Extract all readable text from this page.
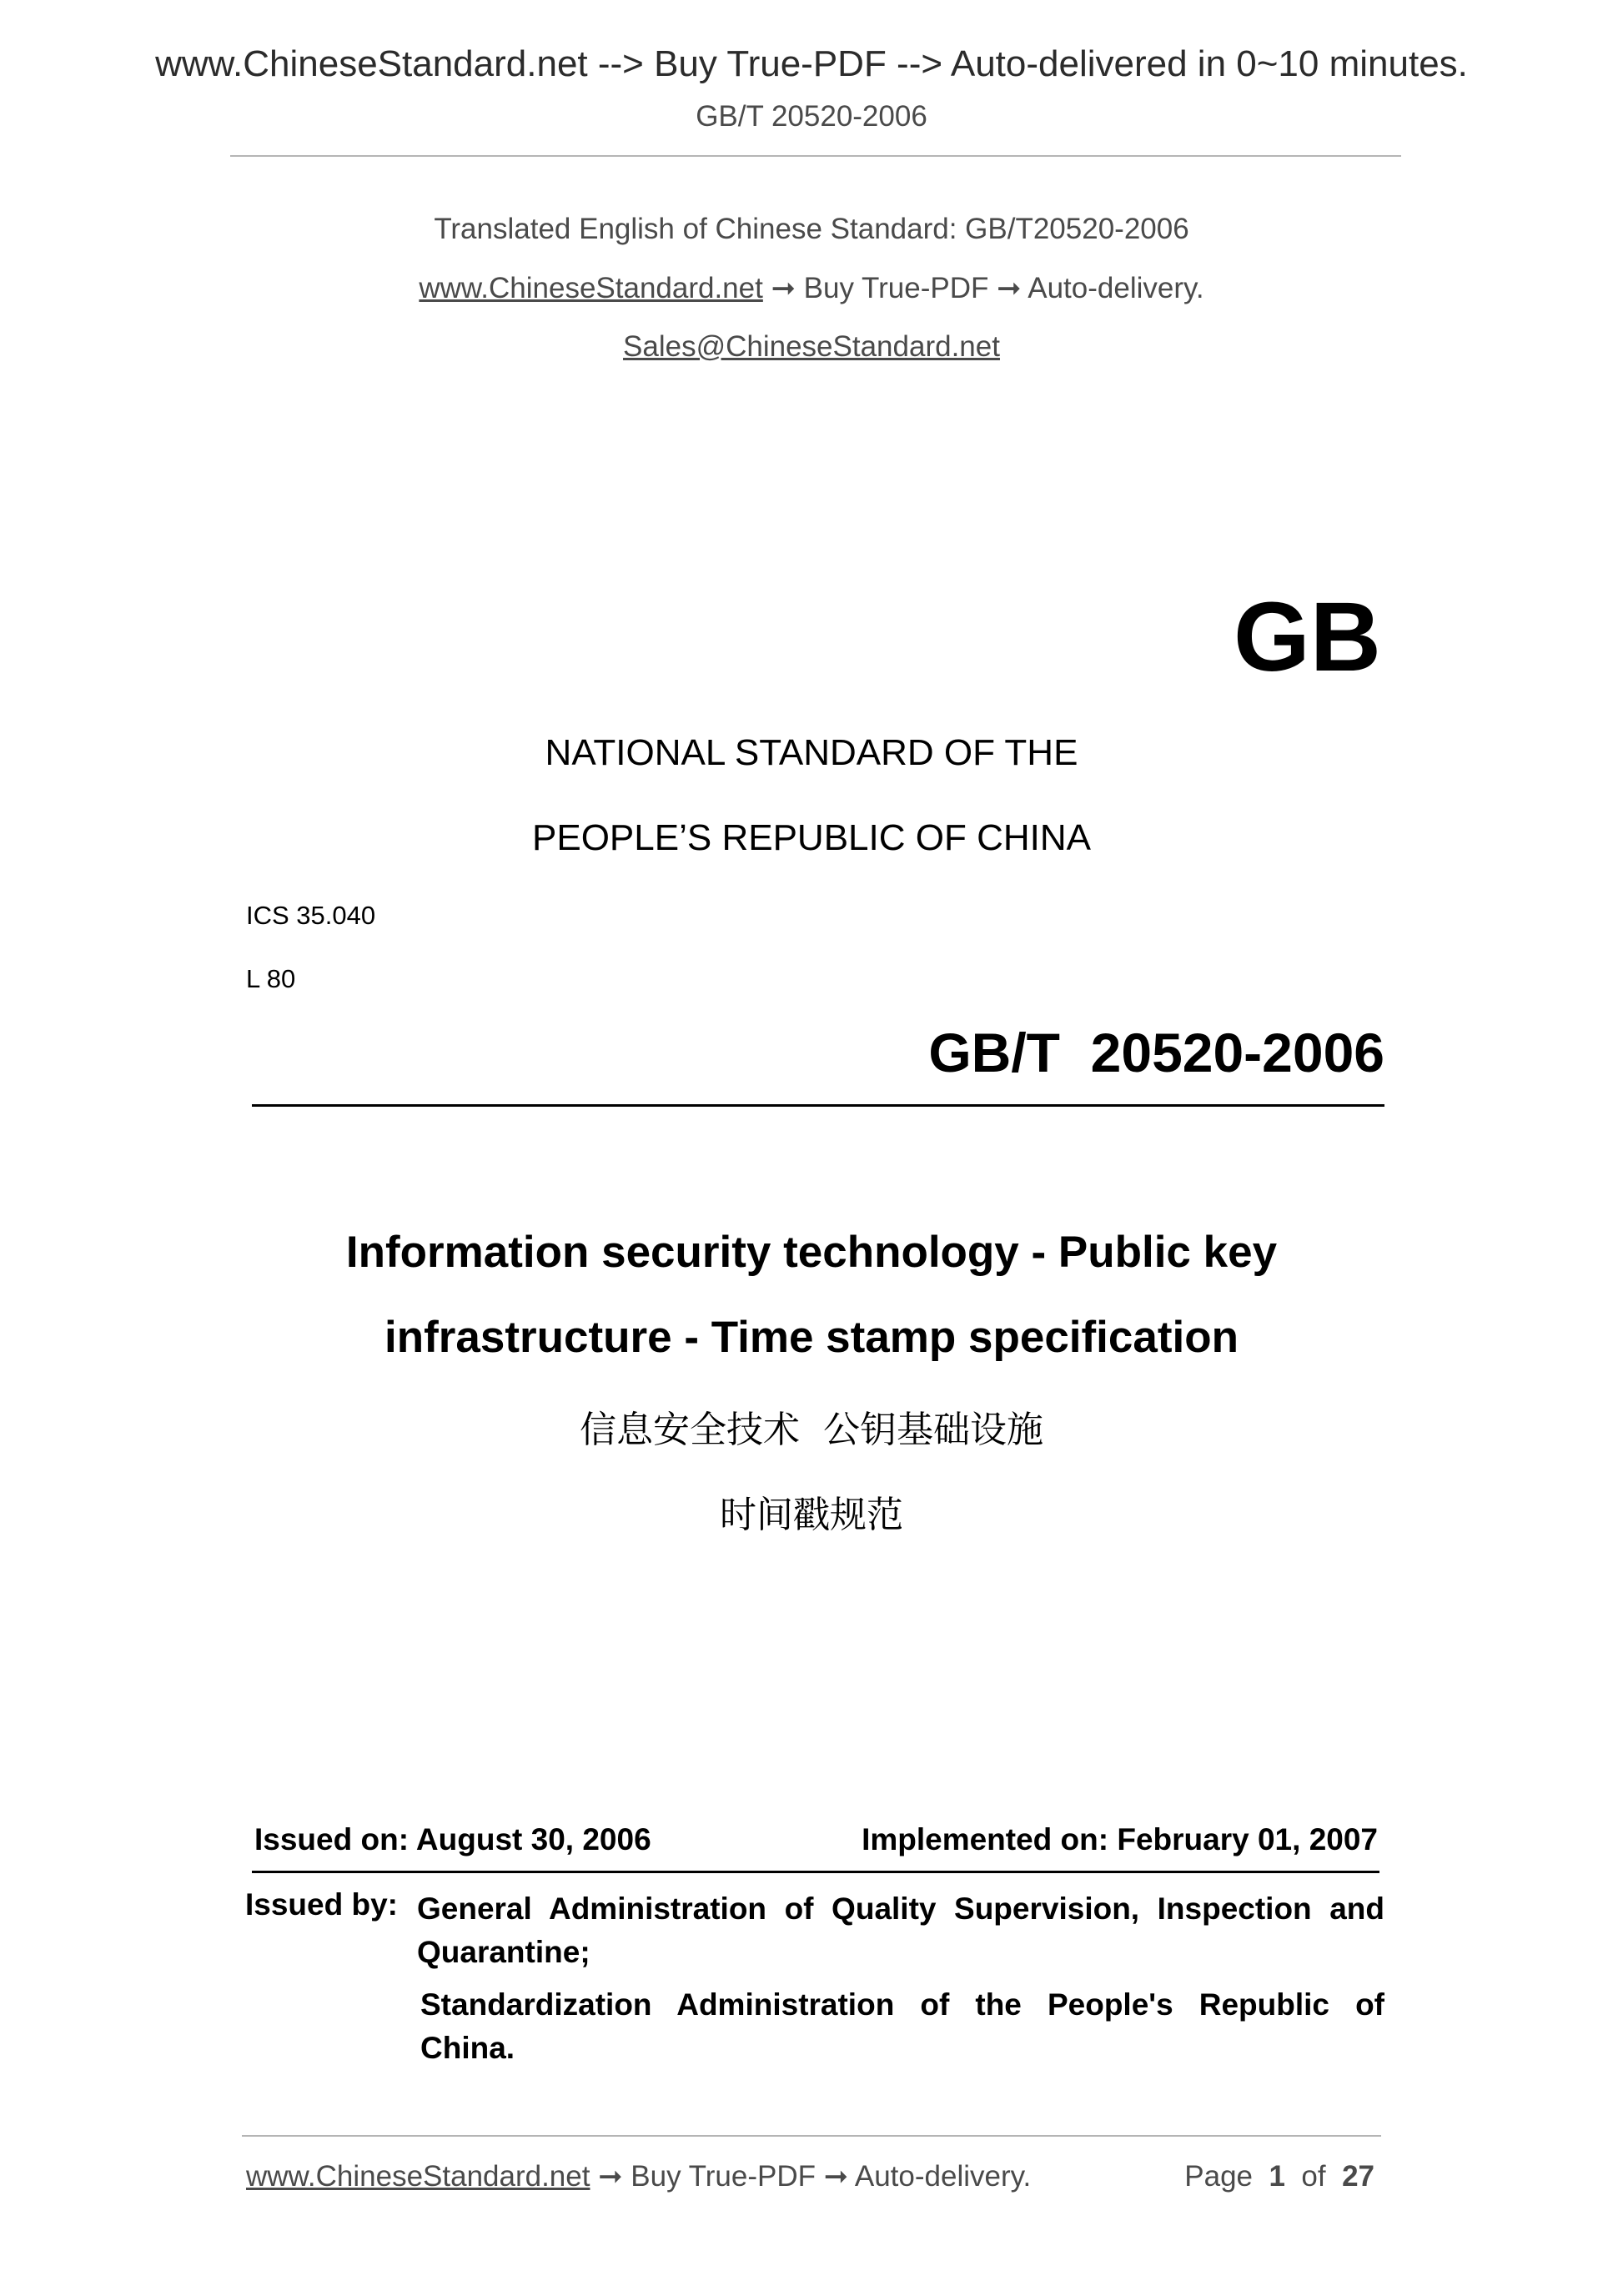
www.ChineseStandard.net --> Buy True-PDF --> Auto-delivered in 0~10 minutes.
GB/T 20520-2006
Translated English of Chinese Standard: GB/T20520-2006
www.ChineseStandard.net ➞ Buy True-PDF ➞ Auto-delivery.
Sales@ChineseStandard.net
GB
NATIONAL STANDARD OF THE
PEOPLE’S REPUBLIC OF CHINA
ICS 35.040
L 80
GB/T  20520-2006
Information security technology - Public key
infrastructure - Time stamp specification
信息安全技术  公钥基础设施
时间戳规范
Issued on: August 30, 2006	Implemented on: February 01, 2007
Issued by: General Administration of Quality Supervision, Inspection and
Quarantine;
Standardization Administration of the People's Republic of
China.
www.ChineseStandard.net ➞ Buy True-PDF ➞ Auto-delivery.	Page 1 of 27
